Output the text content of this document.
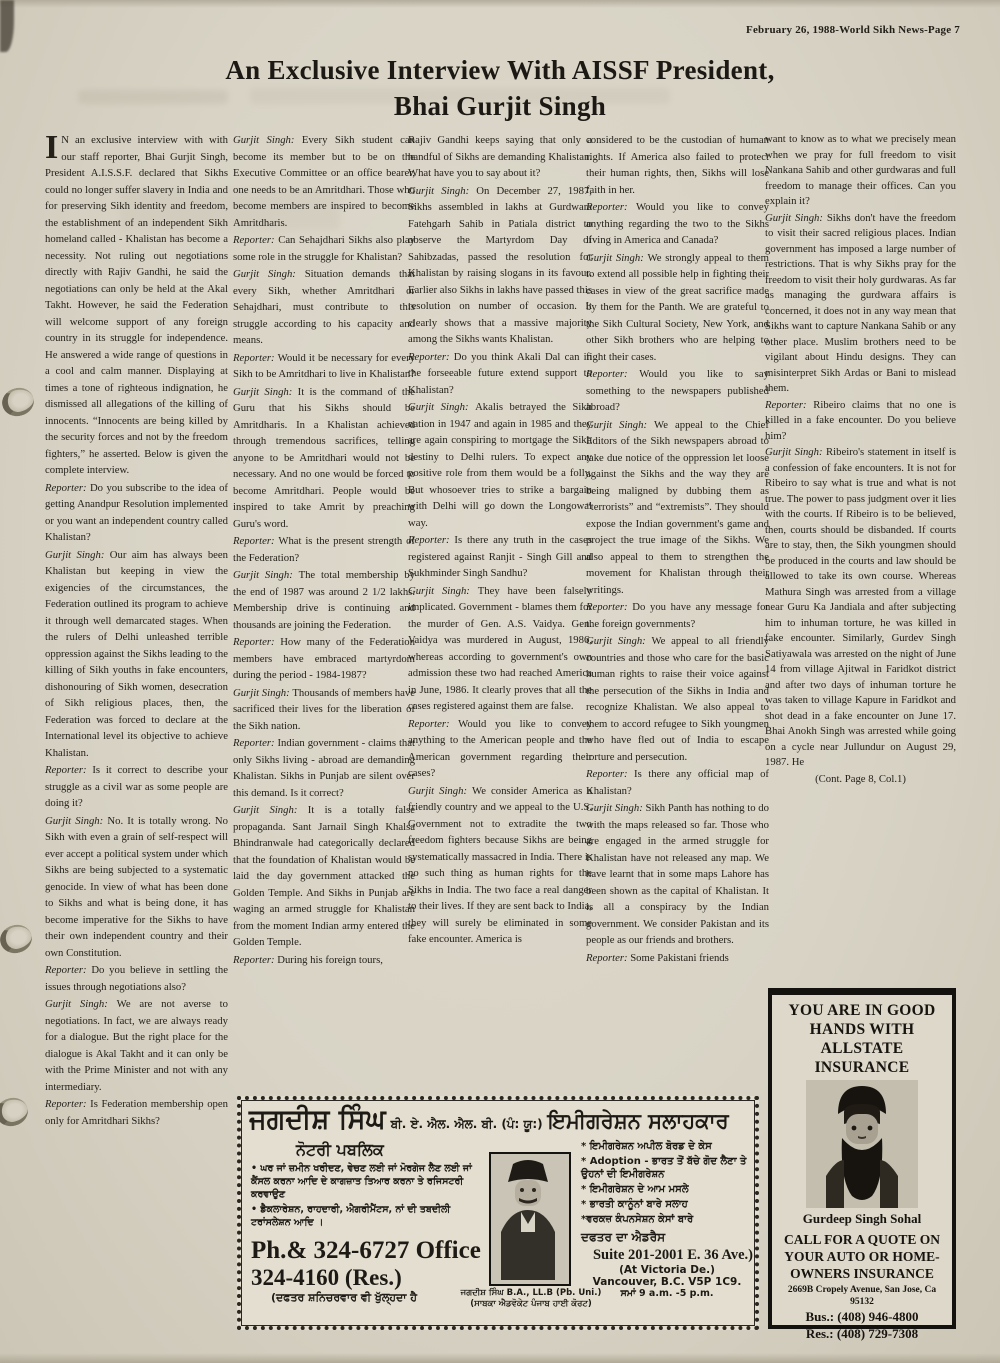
February 26, 1988-World Sikh News-Page 7
An Exclusive Interview With AISSF President,
Bhai Gurjit Singh

I N an exclusive interview with with our staff reporter, Bhai Gurjit Singh, President A.I.S.S.F. declared that Sikhs could no longer suffer slavery in India and for preserving Sikh identity and freedom, the establishment of an independent Sikh homeland called - Khalistan has become a necessity. Not ruling out negotiations directly with Rajiv Gandhi, he said the negotiations can only be held at the Akal Takht. However, he said the Federation will welcome support of any foreign country in its struggle for independence. He answered a wide range of questions in a cool and calm manner. Displaying at times a tone of righteous indignation, he dismissed all allegations of the killing of innocents. “Innocents are being killed by the security forces and not by the freedom fighters,” he asserted. Below is given the complete interview.

Reporter: Do you subscribe to the idea of getting Anandpur Resolution implemented or you want an independent country called Khalistan?

Gurjit Singh: Our aim has always been Khalistan but keeping in view the exigencies of the circumstances, the Federation outlined its program to achieve it through well demarcated stages. When the rulers of Delhi unleashed terrible oppression against the Sikhs leading to the killing of Sikh youths in fake encounters, dishonouring of Sikh women, desecration of Sikh religious places, then, the Federation was forced to declare at the International level its objective to achieve Khalistan.

Reporter: Is it correct to describe your struggle as a civil war as some people are doing it?

Gurjit Singh: No. It is totally wrong. No Sikh with even a grain of self-respect will ever accept a political system under which Sikhs are being subjected to a systematic genocide. In view of what has been done to Sikhs and what is being done, it has become imperative for the Sikhs to have their own independent country and their own Constitution.

Reporter: Do you believe in settling the issues through negotiations also?

Gurjit Singh: We are not averse to negotiations. In fact, we are always ready for a dialogue. But the right place for the dialogue is Akal Takht and it can only be with the Prime Minister and not with any intermediary.

Reporter: Is Federation membership open only for Amritdhari Sikhs?

Gurjit Singh: Every Sikh student can become its member but to be on the Executive Committee or an office bearer, one needs to be an Amritdhari. Those who become members are inspired to become Amritdharis.

Reporter: Can Sehajdhari Sikhs also play some role in the struggle for Khalistan?

Gurjit Singh: Situation demands that every Sikh, whether Amritdhari or Sehajdhari, must contribute to this struggle according to his capacity and means.

Reporter: Would it be necessary for every Sikh to be Amritdhari to live in Khalistan?

Gurjit Singh: It is the command of the Guru that his Sikhs should be Amritdharis. In a Khalistan achieved through tremendous sacrifices, telling anyone to be Amritdhari would not be necessary. And no one would be forced to become Amritdhari. People would be inspired to take Amrit by preaching Guru's word.

Reporter: What is the present strength of the Federation?

Gurjit Singh: The total membership by the end of 1987 was around 2 1/2 lakhs. Membership drive is continuing and thousands are joining the Federation.

Reporter: How many of the Federation members have embraced martyrdom during the period - 1984-1987?

Gurjit Singh: Thousands of members have sacrificed their lives for the liberation of the Sikh nation.

Reporter: Indian government - claims that only Sikhs living - abroad are demanding Khalistan. Sikhs in Punjab are silent over this demand. Is it correct?

Gurjit Singh: It is a totally false propaganda. Sant Jarnail Singh Khalsa Bhindranwale had categorically declared that the foundation of Khalistan would be laid the day government attacked the Golden Temple. And Sikhs in Punjab are waging an armed struggle for Khalistan from the moment Indian army entered the Golden Temple.

Reporter: During his foreign tours,

Rajiv Gandhi keeps saying that only a handful of Sikhs are demanding Khalistan. What have you to say about it?

Gurjit Singh: On December 27, 1987, Sikhs assembled in lakhs at Gurdwara Fatehgarh Sahib in Patiala district to observe the Martyrdom Day of Sahibzadas, passed the resolution for Khalistan by raising slogans in its favour. Earlier also Sikhs in lakhs have passed this resolution on number of occasion. It clearly shows that a massive majority among the Sikhs wants Khalistan.

Reporter: Do you think Akali Dal can in the forseeable future extend support to Khalistan?

Gurjit Singh: Akalis betrayed the Sikh nation in 1947 and again in 1985 and they are again conspiring to mortgage the Sikh destiny to Delhi rulers. To expect any positive role from them would be a folly. But whosoever tries to strike a bargain with Delhi will go down the Longowal way.

Reporter: Is there any truth in the cases registered against Ranjit - Singh Gill and Sukhminder Singh Sandhu?

Gurjit Singh: They have been falsely implicated. Government - blames them for the murder of Gen. A.S. Vaidya. Gen. Vaidya was murdered in August, 1986, whereas according to government's own admission these two had reached America in June, 1986. It clearly proves that all the cases registered against them are false.

Reporter: Would you like to convey anything to the American people and the American government regarding their cases?

Gurjit Singh: We consider America as a friendly country and we appeal to the U.S. Government not to extradite the two freedom fighters because Sikhs are being systematically massacred in India. There is no such thing as human rights for the Sikhs in India. The two face a real danger to their lives. If they are sent back to India, they will surely be eliminated in some fake encounter. America is

considered to be the custodian of human rights. If America also failed to protect their human rights, then, Sikhs will lose faith in her.

Reporter: Would you like to convey anything regarding the two to the Sikhs living in America and Canada?

Gurjit Singh: We strongly appeal to them to extend all possible help in fighting their cases in view of the great sacrifice made by them for the Panth. We are grateful to the Sikh Cultural Society, New York, and other Sikh brothers who are helping to fight their cases.

Reporter: Would you like to say something to the newspapers published abroad?

Gurjit Singh: We appeal to the Chief Editors of the Sikh newspapers abroad to take due notice of the oppression let loose against the Sikhs and the way they are being maligned by dubbing them as “terrorists” and “extremists”. They should expose the Indian government's game and project the true image of the Sikhs. We also appeal to them to strengthen the movement for Khalistan through their writings.

Reporter: Do you have any message for the foreign governments?

Gurjit Singh: We appeal to all friendly countries and those who care for the basic human rights to raise their voice against the persecution of the Sikhs in India and recognize Khalistan. We also appeal to them to accord refugee to Sikh youngmen who have fled out of India to escape torture and persecution.

Reporter: Is there any official map of Khalistan?

Gurjit Singh: Sikh Panth has nothing to do with the maps released so far. Those who are engaged in the armed struggle for Khalistan have not released any map. We have learnt that in some maps Lahore has been shown as the capital of Khalistan. It is all a conspiracy by the Indian government. We consider Pakistan and its people as our friends and brothers.

Reporter: Some Pakistani friends

want to know as to what we precisely mean when we pray for full freedom to visit Nankana Sahib and other gurdwaras and full freedom to manage their offices. Can you explain it?

Gurjit Singh: Sikhs don't have the freedom to visit their sacred religious places. Indian government has imposed a large number of restrictions. That is why Sikhs pray for the freedom to visit their holy gurdwaras. As far as managing the gurdwara affairs is concerned, it does not in any way mean that Sikhs want to capture Nankana Sahib or any other place. Muslim brothers need to be vigilant about Hindu designs. They can misinterpret Sikh Ardas or Bani to mislead them.

Reporter: Ribeiro claims that no one is killed in a fake encounter. Do you believe him?

Gurjit Singh: Ribeiro's statement in itself is a confession of fake encounters. It is not for Ribeiro to say what is true and what is not true. The power to pass judgment over it lies with the courts. If Ribeiro is to be believed, then, courts should be disbanded. If courts are to stay, then, the Sikh youngmen should be produced in the courts and law should be allowed to take its own course. Whereas Mathura Singh was arrested from a village near Guru Ka Jandiala and after subjecting him to inhuman torture, he was killed in fake encounter. Similarly, Gurdev Singh Satiyawala was arrested on the night of June 14 from village Ajitwal in Faridkot district and after two days of inhuman torture he was taken to village Kapure in Faridkot and shot dead in a fake encounter on June 17. Bhai Anokh Singh was arrested while going on a cycle near Jullundur on August 29, 1987. He

(Cont. Page 8, Col.1)

ਜਗਦੀਸ਼ ਸਿੰਘ ਬੀ. ਏ. ਐਲ. ਐਲ. ਬੀ. (ਪੰ: ਯੂ:) ਇਮੀਗਰੇਸ਼ਨ ਸਲਾਹਕਾਰ
ਨੋਟਰੀ ਪਬਲਿਕ
• ਘਰ ਜਾਂ ਜ਼ਮੀਨ ਖਰੀਦਣ, ਵੇਚਣ ਲਈ ਜਾਂ ਮੋਰਗੇਜ ਲੈਣ ਲਈ ਜਾਂ ਕੈਂਸਲ ਕਰਨਾ ਆਦਿ ਦੇ ਕਾਗਜ਼ਾਤ ਤਿਆਰ ਕਰਨਾ ਤੇ ਰਜਿਸਟਰੀ ਕਰਵਾਉਣ
• ਡੈਕਲਾਰੇਸ਼ਨ, ਰਾਹਦਾਰੀ, ਐਗਰੀਮੈਂਟਸ, ਨਾਂ ਦੀ ਤਬਦੀਲੀ ਟਰਾਂਸਲੇਸ਼ਨ ਆਦਿ ।
Ph.& 324-6727 Office
324-4160 (Res.)
(ਦਫਤਰ ਸ਼ਨਿਚਰਵਾਰ ਵੀ ਖੁੱਲ੍ਹਦਾ ਹੈ	ਜਗਦੀਸ਼ ਸਿੰਘ B.A., LL.B (Pb. Uni.)
(ਸਾਬਕਾ ਐਡਵੋਕੇਟ ਪੰਜਾਬ ਹਾਈ ਕੋਰਟ)
* ਇਮੀਗਰੇਸ਼ਨ ਅਪੀਲ ਬੋਰਡ ਦੇ ਕੇਸ
* Adoption - ਭਾਰਤ ਤੋਂ ਬੱਚੇ ਗੋਦ ਲੈਣਾ ਤੇ ਉਹਨਾਂ ਦੀ ਇਮੀਗਰੇਸ਼ਨ
* ਇਮੀਗਰੇਸ਼ਨ ਦੇ ਆਮ ਮਸਲੇ
* ਭਾਰਤੀ ਕਾਨੂੰਨਾਂ ਬਾਰੇ ਸਲਾਹ
*ਵਰਕਜ਼ ਕੰਪਨਸੇਸ਼ਨ ਕੇਸਾਂ ਬਾਰੇ
ਦਫਤਰ ਦਾ ਐਡਰੈਸ
Suite 201-2001 E. 36 Ave.)
(At Victoria De.)
Vancouver, B.C. V5P 1C9.
ਸਮਾਂ 9 a.m. -5 p.m.
YOU ARE IN GOOD
HANDS WITH
ALLSTATE
INSURANCE
Gurdeep Singh Sohal
CALL FOR A QUOTE ON
YOUR AUTO OR HOME-
OWNERS INSURANCE
2669B Cropely Avenue, San Jose, Ca
95132
Bus.: (408) 946-4800
Res.: (408) 729-7308
